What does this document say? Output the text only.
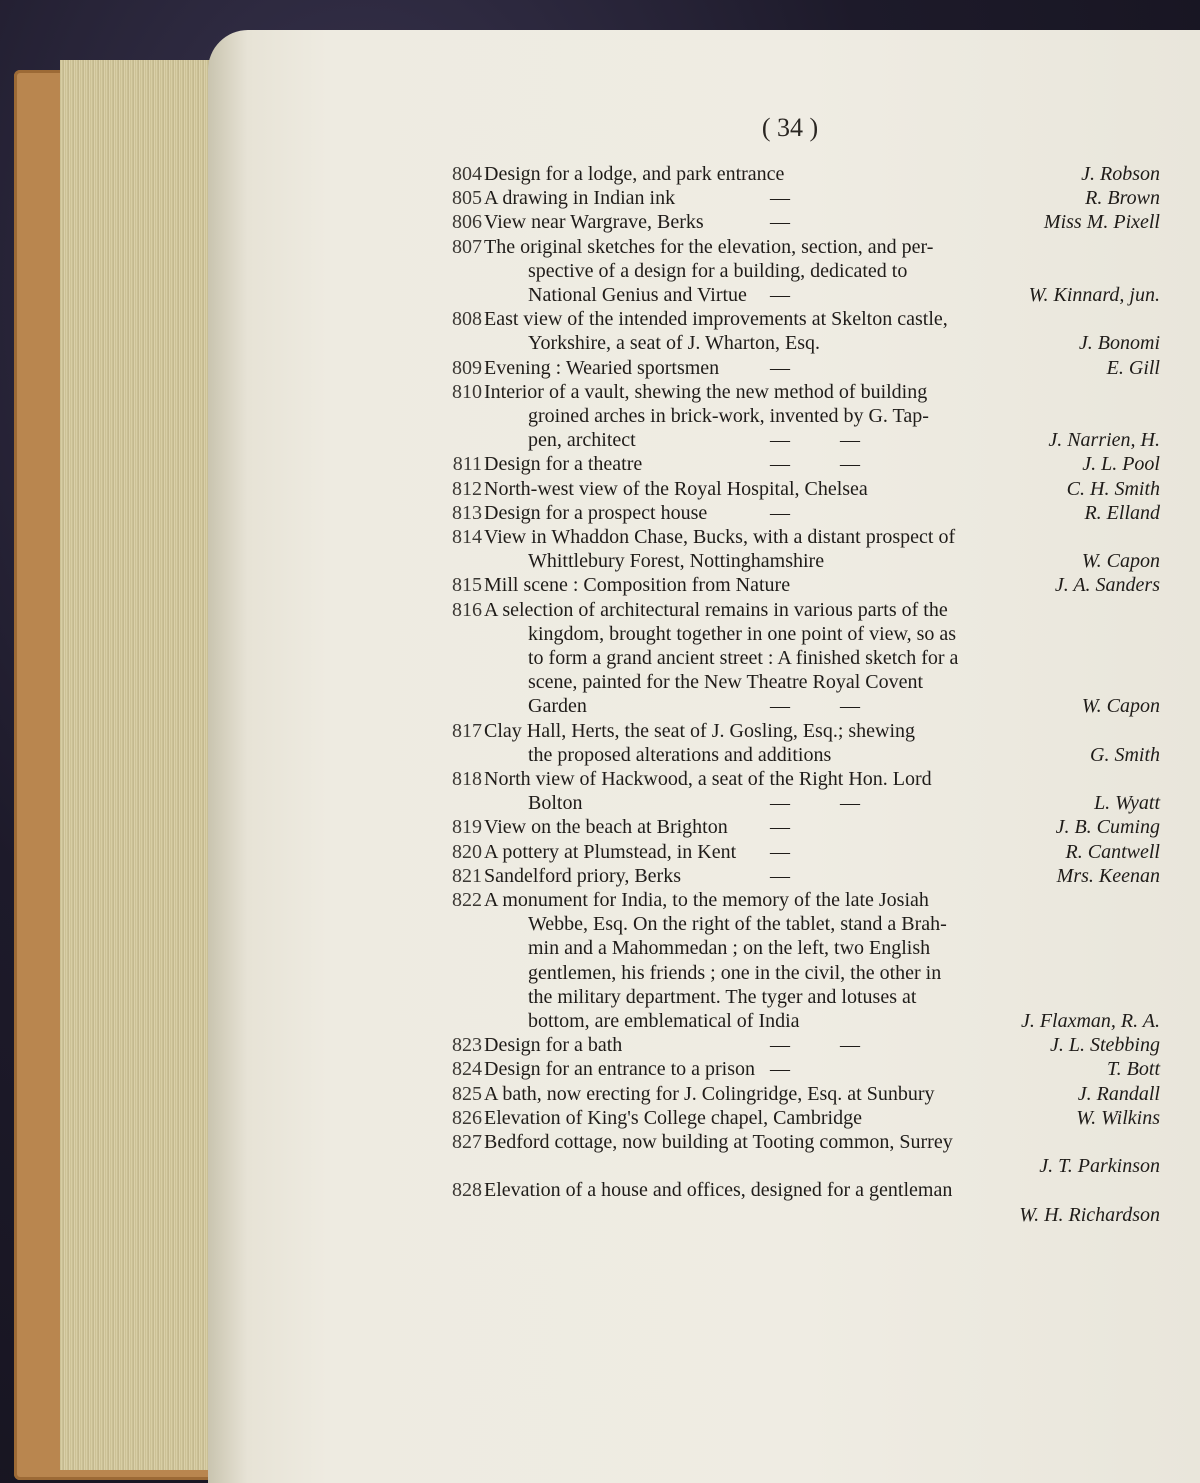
( 34 )
804 Design for a lodge, and park entrance	J. Robson
805 A drawing in Indian ink	—	R. Brown
806 View near Wargrave, Berks	—	Miss M. Pixell
807 The original sketches for the elevation, section, and per-
spective of a design for a building, dedicated to
National Genius and Virtue —	W. Kinnard, jun.
808 East view of the intended improvements at Skelton castle,
Yorkshire, a seat of J. Wharton, Esq.	J. Bonomi
809 Evening : Wearied sportsmen	—	E. Gill
810 Interior of a vault, shewing the new method of building
groined arches in brick-work, invented by G. Tap-
pen, architect	—          —	J. Narrien, H.
811 Design for a theatre	—          —	J. L. Pool
812 North-west view of the Royal Hospital, Chelsea	C. H. Smith
813 Design for a prospect house	—	R. Elland
814 View in Whaddon Chase, Bucks, with a distant prospect of
Whittlebury Forest, Nottinghamshire	W. Capon
815 Mill scene : Composition from Nature	J. A. Sanders
816 A selection of architectural remains in various parts of the
kingdom, brought together in one point of view, so as
to form a grand ancient street : A finished sketch for a
scene, painted for the New Theatre Royal Covent
Garden	—          —	W. Capon
817 Clay Hall, Herts, the seat of J. Gosling, Esq.; shewing
the proposed alterations and additions	G. Smith
818 North view of Hackwood, a seat of the Right Hon. Lord
Bolton	—          —	L. Wyatt
819 View on the beach at Brighton —	J. B. Cuming
820 A pottery at Plumstead, in Kent —	R. Cantwell
821 Sandelford priory, Berks	—	Mrs. Keenan
822 A monument for India, to the memory of the late Josiah
Webbe, Esq. On the right of the tablet, stand a Brah-
min and a Mahommedan ; on the left, two English
gentlemen, his friends ; one in the civil, the other in
the military department. The tyger and lotuses at
bottom, are emblematical of India	J. Flaxman, R. A.
823 Design for a bath	—          —	J. L. Stebbing
824 Design for an entrance to a prison —	T. Bott
825 A bath, now erecting for J. Colingridge, Esq. at Sunbury	J. Randall
826 Elevation of King's College chapel, Cambridge	W. Wilkins
827 Bedford cottage, now building at Tooting common, Surrey
J. T. Parkinson
828 Elevation of a house and offices, designed for a gentleman
W. H. Richardson
